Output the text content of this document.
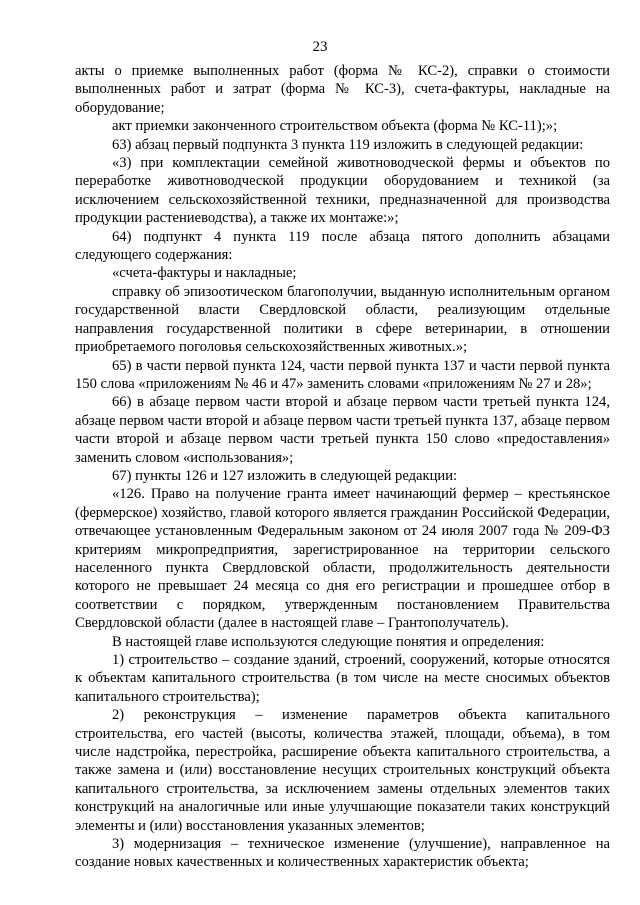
23

акты о приемке выполненных работ (форма № КС-2), справки о стоимости выполненных работ и затрат (форма № КС-3), счета-фактуры, накладные на оборудование;

акт приемки законченного строительством объекта (форма № КС-11);»;

63) абзац первый подпункта 3 пункта 119 изложить в следующей редакции:

«3) при комплектации семейной животноводческой фермы и объектов по переработке животноводческой продукции оборудованием и техникой (за исключением сельскохозяйственной техники, предназначенной для производства продукции растениеводства), а также их монтаже:»;

64) подпункт 4 пункта 119 после абзаца пятого дополнить абзацами следующего содержания:

«счета-фактуры и накладные;

справку об эпизоотическом благополучии, выданную исполнительным органом государственной власти Свердловской области, реализующим отдельные направления государственной политики в сфере ветеринарии, в отношении приобретаемого поголовья сельскохозяйственных животных.»;

65) в части первой пункта 124, части первой пункта 137 и части первой пункта 150 слова «приложениям № 46 и 47» заменить словами «приложениям № 27 и 28»;

66) в абзаце первом части второй и абзаце первом части третьей пункта 124, абзаце первом части второй и абзаце первом части третьей пункта 137, абзаце первом части второй и абзаце первом части третьей пункта 150 слово «предоставления» заменить словом «использования»;

67) пункты 126 и 127 изложить в следующей редакции:

«126. Право на получение гранта имеет начинающий фермер – крестьянское (фермерское) хозяйство, главой которого является гражданин Российской Федерации, отвечающее установленным Федеральным законом от 24 июля 2007 года № 209-ФЗ критериям микропредприятия, зарегистрированное на территории сельского населенного пункта Свердловской области, продолжительность деятельности которого не превышает 24 месяца со дня его регистрации и прошедшее отбор в соответствии с порядком, утвержденным постановлением Правительства Свердловской области (далее в настоящей главе – Грантополучатель).

В настоящей главе используются следующие понятия и определения:

1) строительство – создание зданий, строений, сооружений, которые относятся к объектам капитального строительства (в том числе на месте сносимых объектов капитального строительства);

2) реконструкция – изменение параметров объекта капитального строительства, его частей (высоты, количества этажей, площади, объема), в том числе надстройка, перестройка, расширение объекта капитального строительства, а также замена и (или) восстановление несущих строительных конструкций объекта капитального строительства, за исключением замены отдельных элементов таких конструкций на аналогичные или иные улучшающие показатели таких конструкций элементы и (или) восстановления указанных элементов;

3) модернизация – техническое изменение (улучшение), направленное на создание новых качественных и количественных характеристик объекта;
